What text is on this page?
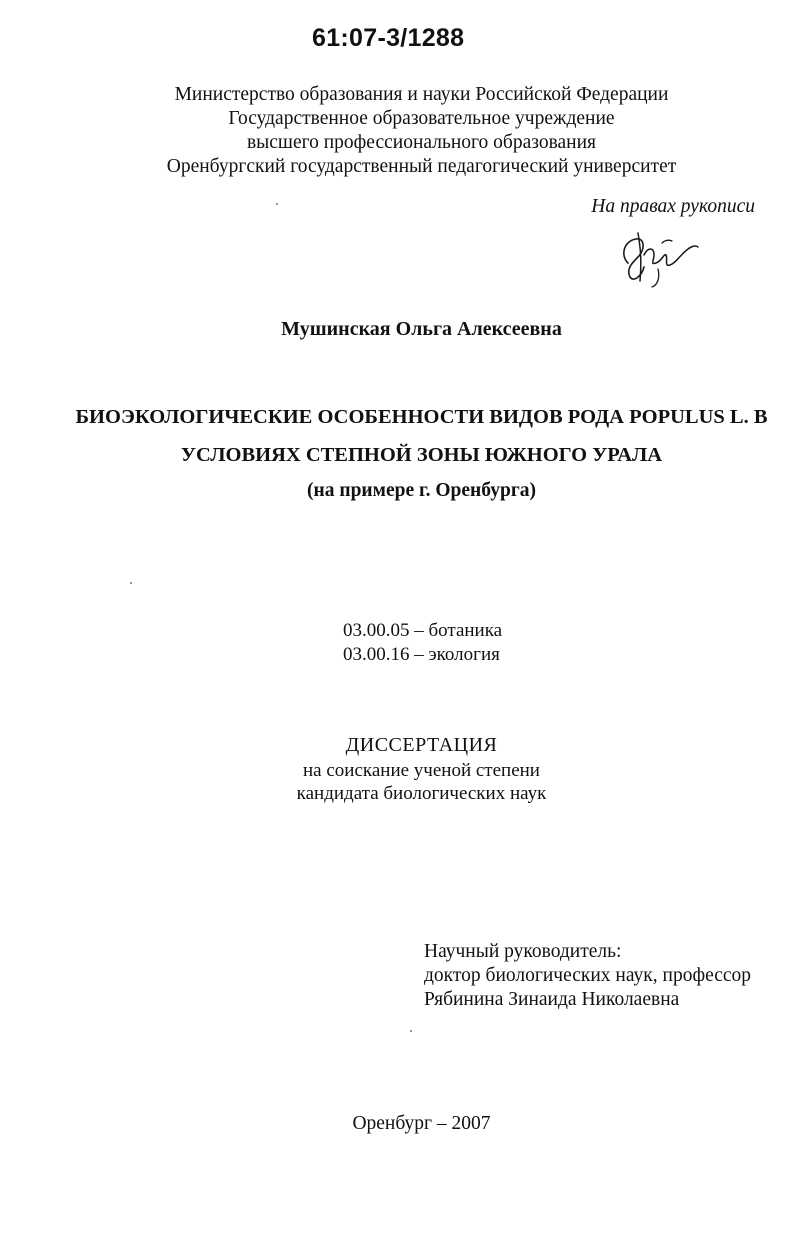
61:07-3/1288
Министерство образования и науки Российской Федерации
Государственное образовательное учреждение
высшего профессионального образования
Оренбургский государственный педагогический университет
На правах рукописи
Мушинская Ольга Алексеевна
БИОЭКОЛОГИЧЕСКИЕ ОСОБЕННОСТИ ВИДОВ РОДА POPULUS L. В
УСЛОВИЯХ СТЕПНОЙ ЗОНЫ ЮЖНОГО УРАЛА
(на примере г. Оренбурга)
03.00.05 – ботаника
03.00.16 – экология
ДИССЕРТАЦИЯ
на соискание ученой степени
кандидата биологических наук
Научный руководитель:
доктор биологических наук, профессор
Рябинина Зинаида Николаевна
Оренбург – 2007
